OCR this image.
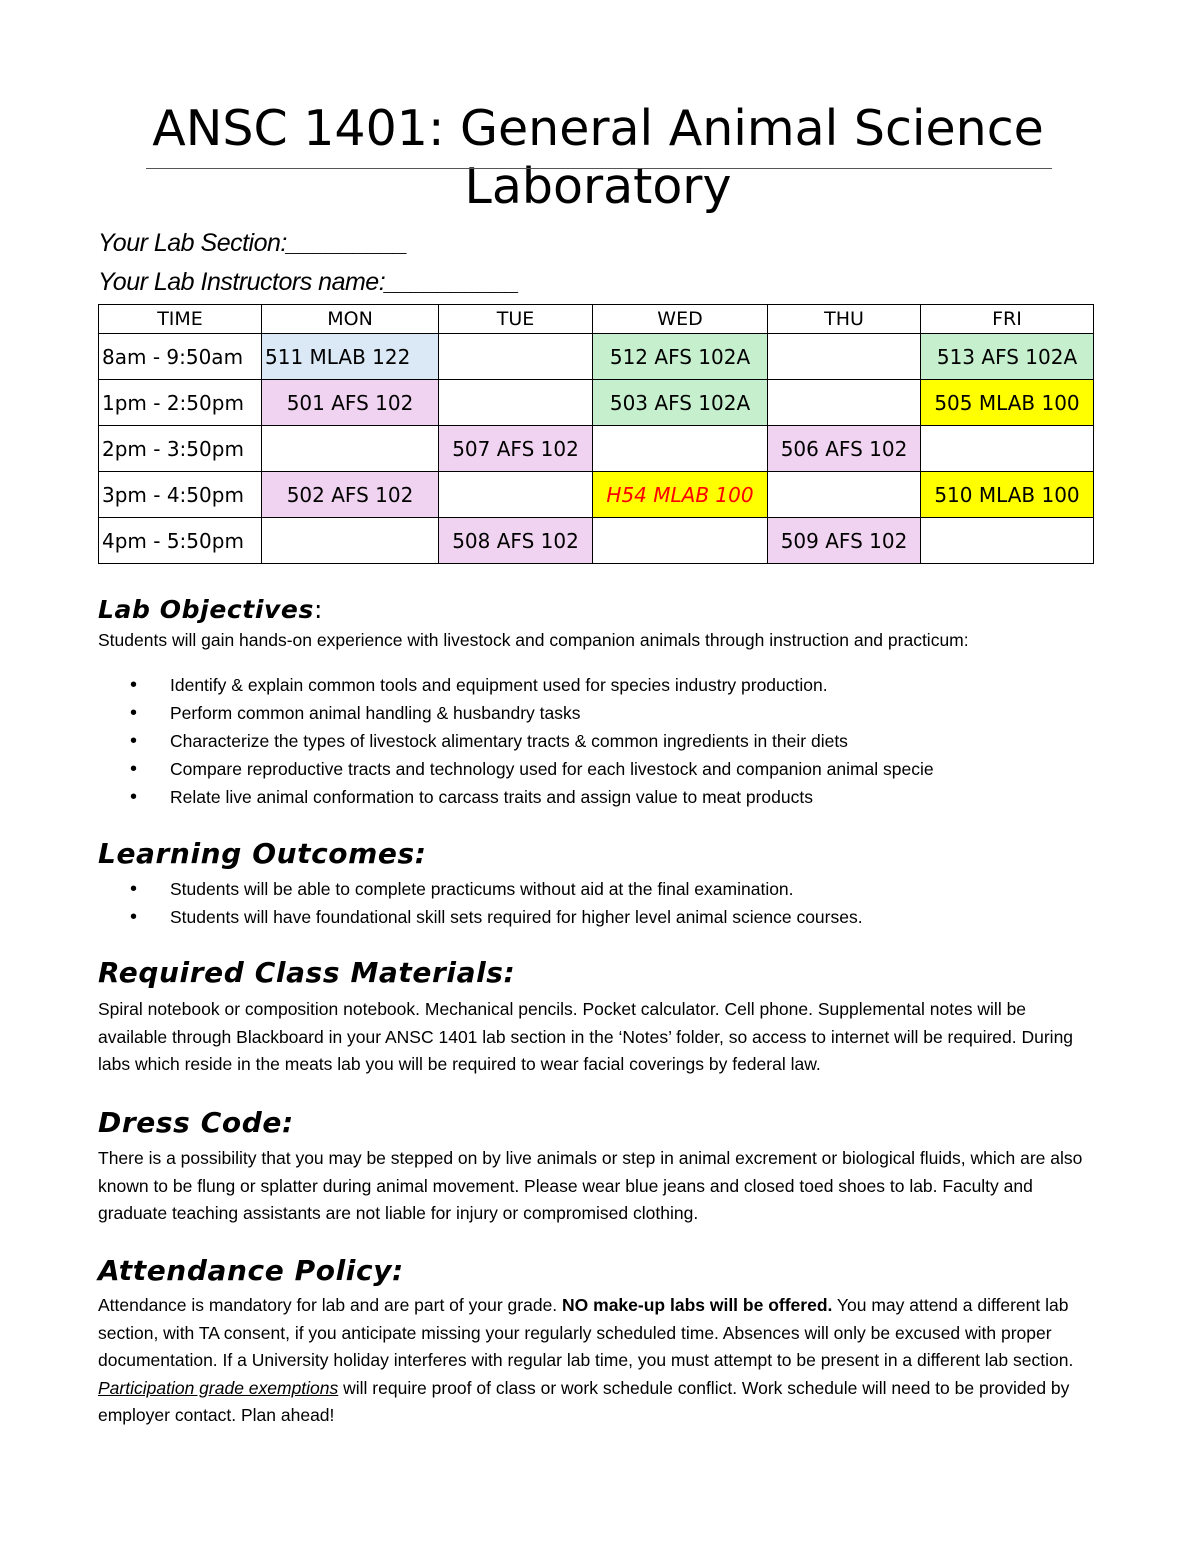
ANSC 1401: General Animal Science Laboratory
Your Lab Section:_________
Your Lab Instructors name:__________
TIME	MON	TUE	WED	THU	FRI
8am - 9:50am	511 MLAB 122		512 AFS 102A		513 AFS 102A
1pm - 2:50pm	501 AFS 102		503 AFS 102A		505 MLAB 100
2pm - 3:50pm		507 AFS 102		506 AFS 102	
3pm - 4:50pm	502 AFS 102		H54 MLAB 100		510 MLAB 100
4pm - 5:50pm		508 AFS 102		509 AFS 102	
Lab Objectives:

Students will gain hands-on experience with livestock and companion animals through instruction and practicum:

• Identify & explain common tools and equipment used for species industry production.
• Perform common animal handling & husbandry tasks
• Characterize the types of livestock alimentary tracts & common ingredients in their diets
• Compare reproductive tracts and technology used for each livestock and companion animal specie
• Relate live animal conformation to carcass traits and assign value to meat products
Learning Outcomes:
• Students will be able to complete practicums without aid at the final examination.
• Students will have foundational skill sets required for higher level animal science courses.
Required Class Materials:

Spiral notebook or composition notebook. Mechanical pencils. Pocket calculator. Cell phone. Supplemental notes will be available through Blackboard in your ANSC 1401 lab section in the ‘Notes’ folder, so access to internet will be required. During labs which reside in the meats lab you will be required to wear facial coverings by federal law.

Dress Code:

There is a possibility that you may be stepped on by live animals or step in animal excrement or biological fluids, which are also known to be flung or splatter during animal movement. Please wear blue jeans and closed toed shoes to lab. Faculty and graduate teaching assistants are not liable for injury or compromised clothing.

Attendance Policy:

Attendance is mandatory for lab and are part of your grade. NO make-up labs will be offered. You may attend a different lab section, with TA consent, if you anticipate missing your regularly scheduled time. Absences will only be excused with proper documentation. If a University holiday interferes with regular lab time, you must attempt to be present in a different lab section. Participation grade exemptions will require proof of class or work schedule conflict. Work schedule will need to be provided by employer contact. Plan ahead!
